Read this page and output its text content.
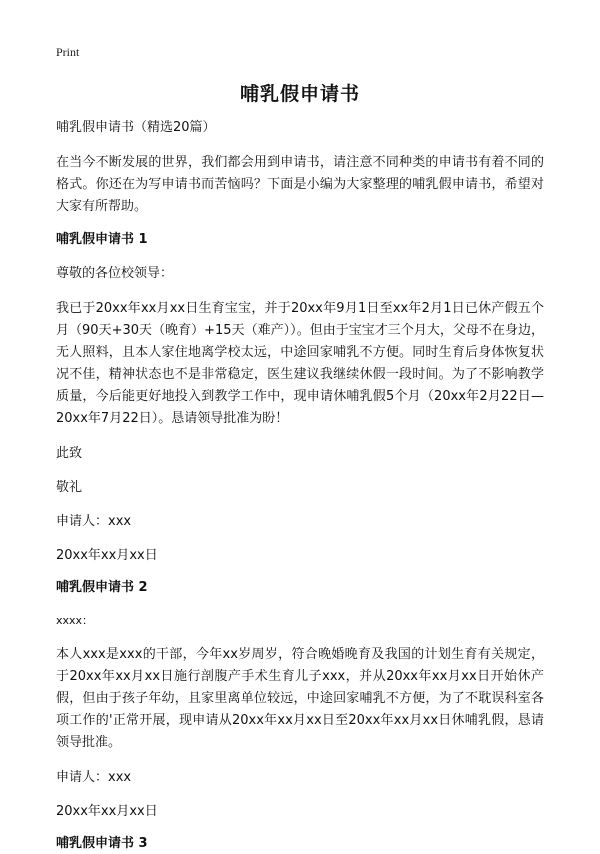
Print
哺乳假申请书
哺乳假申请书（精选20篇）
在当今不断发展的世界，我们都会用到申请书，请注意不同种类的申请书有着不同的格式。你还在为写申请书而苦恼吗？下面是小编为大家整理的哺乳假申请书，希望对大家有所帮助。
哺乳假申请书 1
尊敬的各位校领导：
我已于20xx年xx月xx日生育宝宝，并于20xx年9月1日至xx年2月1日已休产假五个月（90天+30天（晚育）+15天（难产））。但由于宝宝才三个月大，父母不在身边，无人照料，且本人家住地离学校太远，中途回家哺乳不方便。同时生育后身体恢复状况不佳，精神状态也不是非常稳定，医生建议我继续休假一段时间。为了不影响教学质量，今后能更好地投入到教学工作中，现申请休哺乳假5个月（20xx年2月22日—20xx年7月22日）。恳请领导批准为盼！
此致
敬礼
申请人：xxx
20xx年xx月xx日
哺乳假申请书 2
xxxx：
本人xxx是xxx的干部，今年xx岁周岁，符合晚婚晚育及我国的计划生育有关规定，于20xx年xx月xx日施行剖腹产手术生育儿子xxx，并从20xx年xx月xx日开始休产假，但由于孩子年幼，且家里离单位较远，中途回家哺乳不方便，为了不耽误科室各项工作的'正常开展，现申请从20xx年xx月xx日至20xx年xx月xx日休哺乳假，恳请领导批准。
申请人：xxx
20xx年xx月xx日
哺乳假申请书 3
